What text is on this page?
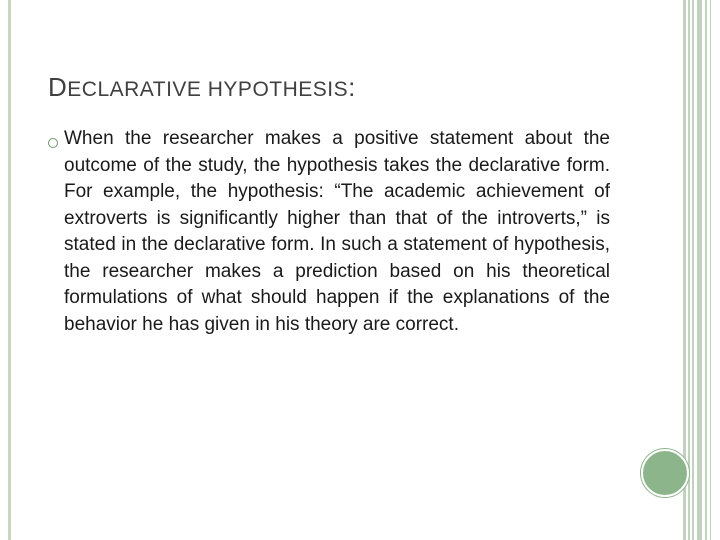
DECLARATIVE HYPOTHESIS:
When the researcher makes a positive statement about the outcome of the study, the hypothesis takes the declarative form. For example, the hypothesis: “The academic achievement of extroverts is significantly higher than that of the introverts,” is stated in the declarative form. In such a statement of hypothesis, the researcher makes a prediction based on his theoretical formulations of what should happen if the explanations of the behavior he has given in his theory are correct.
